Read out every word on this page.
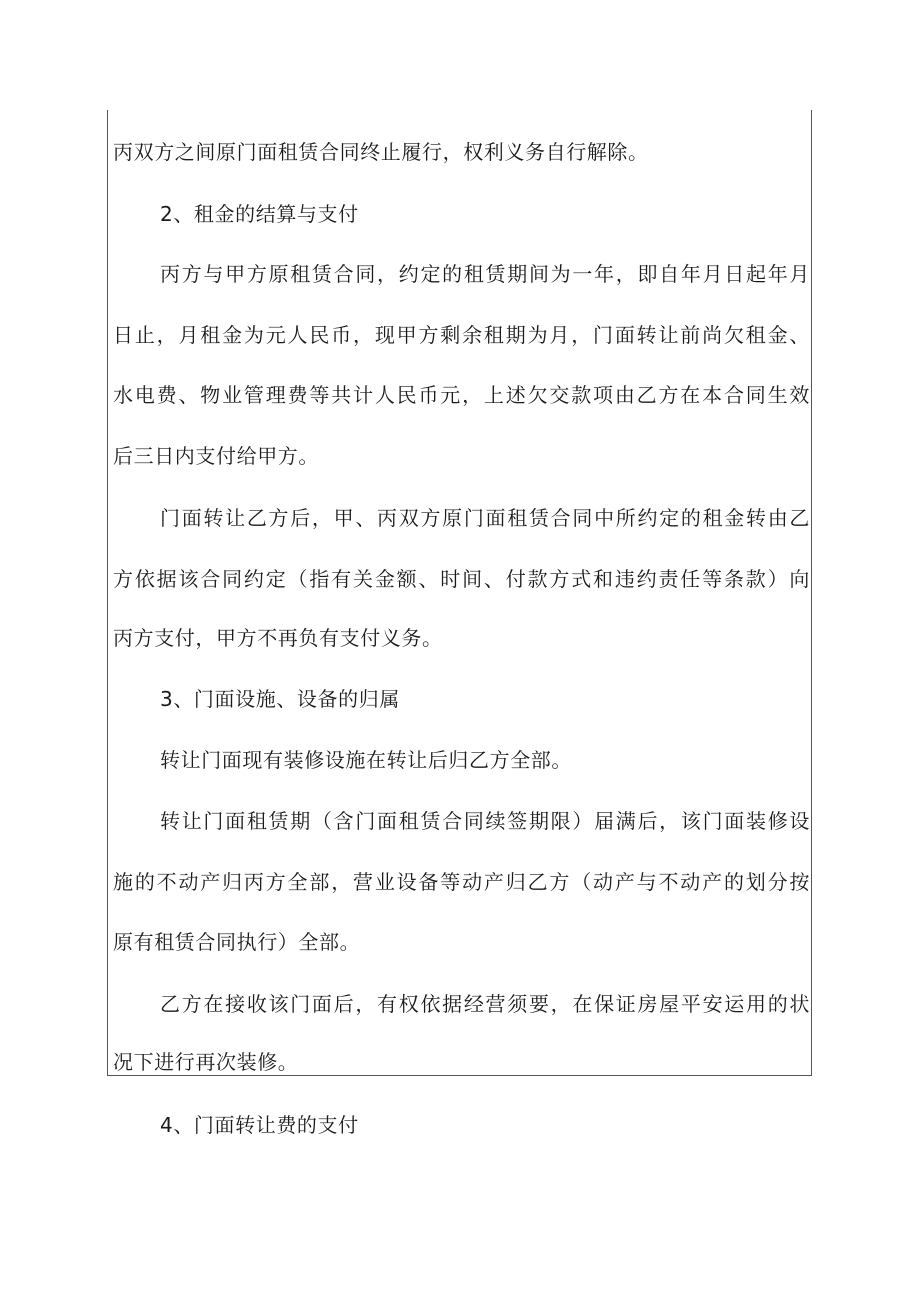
丙双方之间原门面租赁合同终止履行，权利义务自行解除。
2、租金的结算与支付
丙方与甲方原租赁合同，约定的租赁期间为一年，即自年月日起年月
日止，月租金为元人民币，现甲方剩余租期为月，门面转让前尚欠租金、
水电费、物业管理费等共计人民币元，上述欠交款项由乙方在本合同生效
后三日内支付给甲方。
门面转让乙方后，甲、丙双方原门面租赁合同中所约定的租金转由乙
方依据该合同约定（指有关金额、时间、付款方式和违约责任等条款）向
丙方支付，甲方不再负有支付义务。
3、门面设施、设备的归属
转让门面现有装修设施在转让后归乙方全部。
转让门面租赁期（含门面租赁合同续签期限）届满后，该门面装修设
施的不动产归丙方全部，营业设备等动产归乙方（动产与不动产的划分按
原有租赁合同执行）全部。
乙方在接收该门面后，有权依据经营须要，在保证房屋平安运用的状
况下进行再次装修。
4、门面转让费的支付
